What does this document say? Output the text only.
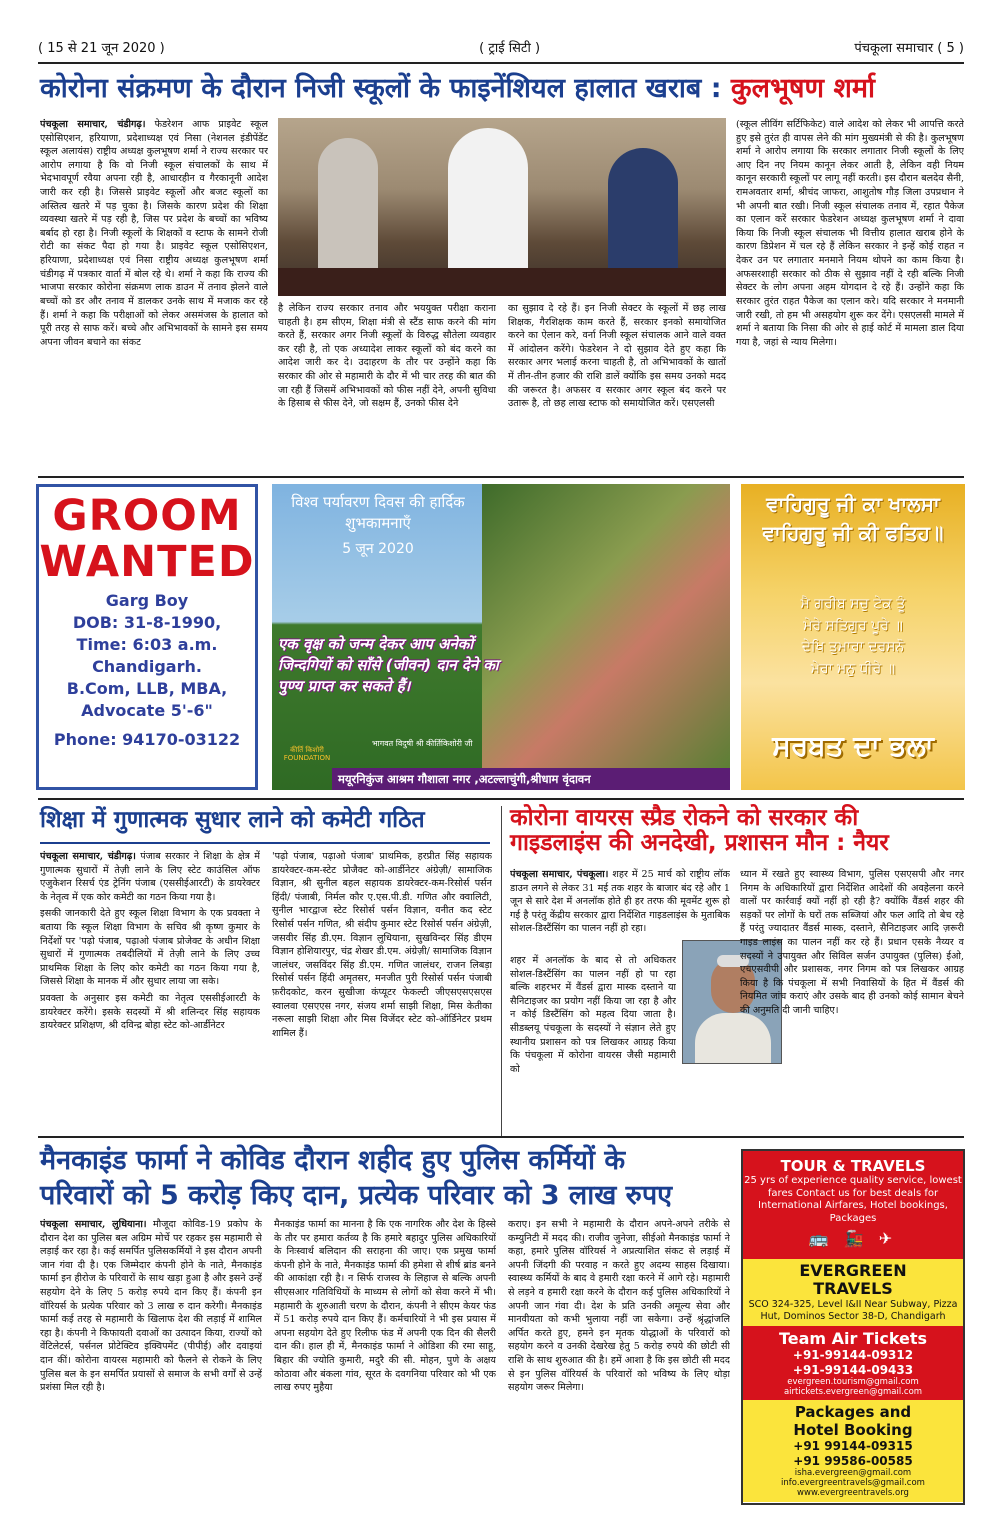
( 15 से 21 जून 2020 )	( ट्राई सिटी )	पंचकूला समाचार ( 5 )
कोरोना संक्रमण के दौरान निजी स्कूलों के फाइनेंशियल हालात खराब : कुलभूषण शर्मा

पंचकूला समाचार, चंडीगढ़। फेडरेशन आफ प्राइवेट स्कूल एसोसिएशन, हरियाणा, प्रदेशाध्यक्ष एवं निसा (नेशनल इंडीपेंडेंट स्कूल अलायंस) राष्ट्रीय अध्यक्ष कुलभूषण शर्मा ने राज्य सरकार पर आरोप लगाया है कि वो निजी स्कूल संचालकों के साथ में भेदभावपूर्ण रवैया अपना रही है, आधारहीन व गैरकानूनी आदेश जारी कर रही है। जिससे प्राइवेट स्कूलों और बजट स्कूलों का अस्तित्व खतरे में पड़ चुका है। जिसके कारण प्रदेश की शिक्षा व्यवस्था खतरे में पड़ रही है, जिस पर प्रदेश के बच्चों का भविष्य बर्बाद हो रहा है। निजी स्कूलों के शिक्षकों व स्टाफ के सामने रोजी रोटी का संकट पैदा हो गया है। प्राइवेट स्कूल एसोसिएशन, हरियाणा, प्रदेशाध्यक्ष एवं निसा राष्ट्रीय अध्यक्ष कुलभूषण शर्मा चंडीगढ़ में पत्रकार वार्ता में बोल रहे थे। शर्मा ने कहा कि राज्य की भाजपा सरकार कोरोना संक्रमण लाक डाउन में तनाव झेलने वाले बच्चों को डर और तनाव में डालकर उनके साथ में मजाक कर रहे हैं। शर्मा ने कहा कि परीक्षाओं को लेकर असमंजस के हालात को पूरी तरह से साफ करें। बच्चे और अभिभावकों के सामने इस समय अपना जीवन बचाने का संकट

है लेकिन राज्य सरकार तनाव और भययुक्त परीक्षा कराना चाहती है। हम सीएम, शिक्षा मंत्री से स्टैंड साफ करने की मांग करते हैं, सरकार अगर निजी स्कूलों के विरुद्ध सौतेला व्यवहार कर रही है, तो एक अध्यादेश लाकर स्कूलों को बंद करने का आदेश जारी कर दे। उदाहरण के तौर पर उन्होंने कहा कि सरकार की ओर से महामारी के दौर में भी चार तरह की बात की जा रही हैं जिसमें अभिभावकों को फीस नहीं देने, अपनी सुविधा के हिसाब से फीस देने, जो सक्षम हैं, उनको फीस देने

का सुझाव दे रहे हैं। इन निजी सेक्टर के स्कूलों में छह लाख शिक्षक, गैरशिक्षक काम करते हैं, सरकार इनको समायोजित करने का ऐलान करे, वर्ना निजी स्कूल संचालक आने वाले वक्त में आंदोलन करेंगे। फेडरेशन ने दो सुझाव देते हुए कहा कि सरकार अगर भलाई करना चाहती है, तो अभिभावकों के खातों में तीन-तीन हजार की राशि डालें क्योंकि इस समय उनको मदद की जरूरत है। अफसर व सरकार अगर स्कूल बंद करने पर उतारू है, तो छह लाख स्टाफ को समायोजित करें। एसएलसी

(स्कूल लीविंग सर्टिफिकेट) वाले आदेश को लेकर भी आपत्ति करते हुए इसे तुरंत ही वापस लेने की मांग मुख्यमंत्री से की है। कुलभूषण शर्मा ने आरोप लगाया कि सरकार लगातार निजी स्कूलों के लिए आए दिन नए नियम कानून लेकर आती है, लेकिन वही नियम कानून सरकारी स्कूलों पर लागू नहीं करती। इस दौरान बलदेव सैनी, रामअवतार शर्मा, श्रीचंद जाफरा, आशुतोष गौड़ जिला उपप्रधान ने भी अपनी बात रखी। निजी स्कूल संचालक तनाव में, रहात पैकेज का एलान करें सरकार फेडरेशन अध्यक्ष कुलभूषण शर्मा ने दावा किया कि निजी स्कूल संचालक भी वित्तीय हालात खराब होने के कारण डिप्रेशन में चल रहे हैं लेकिन सरकार ने इन्हें कोई राहत न देकर उन पर लगातार मनमाने नियम थोपने का काम किया है। अफसरशाही सरकार को ठीक से सुझाव नहीं दे रही बल्कि निजी सेक्टर के लोग अपना अहम योगदान दे रहे हैं। उन्होंने कहा कि सरकार तुरंत राहत पैकेज का एलान करे। यदि सरकार ने मनमानी जारी रखी, तो हम भी असहयोग शुरू कर देंगे। एसएलसी मामले में शर्मा ने बताया कि निसा की ओर से हाई कोर्ट में मामला डाल दिया गया है, जहां से न्याय मिलेगा।

GROOM
WANTED
Garg Boy
DOB: 31-8-1990,
Time: 6:03 a.m.
Chandigarh.
B.Com, LLB, MBA,
Advocate 5'-6"
Phone: 94170-03122
विश्व पर्यावरण दिवस की हार्दिक शुभकामनाएँ
5 जून 2020
एक वृक्ष को जन्म देकर आप अनेकों जिन्दगियों को साँसे (जीवन) दान देने का पुण्य प्राप्त कर सकते हैं।
भागवत विदुषी श्री कीर्तिकिशोरी जी
कीर्ति किशोरी FOUNDATION
मयूरनिकुंज आश्रम गौशाला नगर ,अटल्लाचुंगी,श्रीधाम वृंदावन
ਵਾਹਿਗੁਰੂ ਜੀ ਕਾ ਖਾਲਸਾ
ਵਾਹਿਗੁਰੂ ਜੀ ਕੀ ਫਤਿਹ॥
ਮੈ ਗਰੀਬ ਸਚੁ ਟੇਕ ਤੂੰ
ਮੇਰੇ ਸਤਿਗੁਰ ਪੂਰੇ ॥
ਦੇਖਿ ਤੁਮਾਰਾ ਦਰਸਨੋ
ਮੇਰਾ ਮਨੁ ਧੀਰੇ ॥
ਸਰਬਤ ਦਾ ਭਲਾ
शिक्षा में गुणात्मक सुधार लाने को कमेटी गठित

पंचकूला समाचार, चंडीगढ़। पंजाब सरकार ने शिक्षा के क्षेत्र में गुणात्मक सुधारों में तेज़ी लाने के लिए स्टेट काउंसिल ऑफ एजुकेशन रिसर्च एंड ट्रेनिंग पंजाब (एससीईआरटी) के डायरेक्टर के नेतृत्व में एक कोर कमेटी का गठन किया गया है।

इसकी जानकारी देते हुए स्कूल शिक्षा विभाग के एक प्रवक्ता ने बताया कि स्कूल शिक्षा विभाग के सचिव श्री कृष्ण कुमार के निर्देशों पर 'पढ़ो पंजाब, पढ़ाओ पंजाब प्रोजेक्ट के अधीन शिक्षा सुधारों में गुणात्मक तबदीलियों में तेज़ी लाने के लिए उच्च प्राथमिक शिक्षा के लिए कोर कमेटी का गठन किया गया है, जिससे शिक्षा के मानक में और सुधार लाया जा सके।

प्रवक्ता के अनुसार इस कमेटी का नेतृत्व एससीईआरटी के डायरेक्टर करेंगे। इसके सदस्यों में श्री शलिन्दर सिंह सहायक डायरेक्टर प्रशिक्षण, श्री दविन्द्र बोहा स्टेट को-आर्डीनेटर

'पढ़ो पंजाब, पढ़ाओ पंजाब' प्राथमिक, हरप्रीत सिंह सहायक डायरेक्टर-कम-स्टेट प्रोजैक्ट को-आर्डीनेटर अंग्रेज़ी/ सामाजिक विज्ञान, श्री सुनील बहल सहायक डायरेक्टर-कम-रिसोर्स पर्सन हिंदी/ पंजाबी, निर्मल कौर ए.एस.पी.डी. गणित और क्वालिटी, सुनील भारद्वाज स्टेट रिसोर्स पर्सन विज्ञान, वनीत कद स्टेट रिसोर्स पर्सन गणित, श्री संदीप कुमार स्टेट रिसोर्स पर्सन अंग्रेज़ी, जसवीर सिंह डी.एम. विज्ञान लुधियाना, सुखविन्दर सिंह डीएम विज्ञान होशियारपुर, चंद्र शेखर डी.एम. अंग्रेज़ी/ सामाजिक विज्ञान जालंधर, जसविंदर सिंह डी.एम. गणित जालंधर, राजन लिबड़ा रिसोर्स पर्सन हिंदी अमृतसर, मनजीत पुरी रिसोर्स पर्सन पंजाबी फ़रीदकोट, करन सुखीजा कंप्यूटर फेकल्टी जीएसएसएसएस स्वालवा एसएएस नगर, संजय शर्मा साझी शिक्षा, मिस केतीका नरूला साझी शिक्षा और मिस विजेंदर स्टेट को-ऑर्डिनेटर प्रथम शामिल हैं।

कोरोना वायरस स्प्रैड रोकने को सरकार की
गाइडलाइंस की अनदेखी, प्रशासन मौन : नैयर

पंचकूला समाचार, पंचकूला। शहर में 25 मार्च को राष्ट्रीय लॉक डाउन लगने से लेकर 31 मई तक शहर के बाजार बंद रहे और 1 जून से सारे देश में अनलॉक होते ही हर तरफ की मूवमेंट शुरू हो गई है परंतु केंद्रीय सरकार द्वारा निर्देशित गाइडलाइंस के मुताबिक सोशल-डिस्टैंसिंग का पालन नहीं हो रहा।

शहर में अनलॉक के बाद से तो अधिकतर सोशल-डिस्टैंसिंग का पालन नहीं हो पा रहा बल्कि शहरभर में वैंडर्स द्वारा मास्क दस्ताने या सैनिटाइजर का प्रयोग नहीं किया जा रहा है और न कोई डिस्टैंसिंग को महत्व दिया जाता है। सीडब्लयू पंचकूला के सदस्यों ने संज्ञान लेते हुए स्थानीय प्रशासन को पत्र लिखकर आग्रह किया कि पंचकूला में कोरोना वायरस जैसी महामारी को

ध्यान में रखते हुए स्वास्थ्य विभाग, पुलिस एसएसपी और नगर निगम के अधिकारियों द्वारा निर्देशित आदेशों की अवहेलना करने वालों पर कार्रवाई क्यों नहीं हो रही है? क्योंकि वैंडर्स शहर की सड़कों पर लोगों के घरों तक सब्जियां और फल आदि तो बेच रहे हैं परंतु ज्यादातर वैंडर्स मास्क, दस्ताने, सैनिटाइजर आदि ज़रूरी गाइड लाइंस का पालन नहीं कर रहे हैं। प्रधान एसके नैय्यर व सदस्यों ने उपायुक्त और सिविल सर्जन उपायुक्त (पुलिस) ईओ, एचएसवीपी और प्रशासक, नगर निगम को पत्र लिखकर आग्रह किया है कि पंचकूला में सभी निवासियों के हित में वैंडर्स की नियमित जांच कराएं और उसके बाद ही उनको कोई सामान बेचने की अनुमति दी जानी चाहिए।

मैनकाइंड फार्मा ने कोविड दौरान शहीद हुए पुलिस कर्मियों के
परिवारों को 5 करोड़ किए दान, प्रत्येक परिवार को 3 लाख रुपए

पंचकूला समाचार, लुधियाना। मौजूदा कोविड-19 प्रकोप के दौरान देश का पुलिस बल अग्रिम मोर्चे पर रहकर इस महामारी से लड़ाई कर रहा है। कई समर्पित पुलिसकर्मियों ने इस दौरान अपनी जान गंवा दी है। एक जिम्मेदार कंपनी होने के नाते, मैनकाइंड फार्मा इन हीरोज के परिवारों के साथ खड़ा हुआ है और इसने उन्हें सहयोग देने के लिए 5 करोड़ रुपये दान किए हैं। कंपनी इन वॉरियर्स के प्रत्येक परिवार को 3 लाख रु दान करेगी। मैनकाइंड फार्मा कई तरह से महामारी के खिलाफ देश की लड़ाई में शामिल रहा है। कंपनी ने किफायती दवाओं का उत्पादन किया, राज्यों को वेंटिलेटर्स, पर्सनल प्रोटेक्टिव इक्विपमेंट (पीपीई) और दवाइयां दान कीं। कोरोना वायरस महामारी को फैलने से रोकने के लिए पुलिस बल के इन समर्पित प्रयासों से समाज के सभी वर्गों से उन्हें प्रशंसा मिल रही है।

मैनकाइंड फार्मा का मानना है कि एक नागरिक और देश के हिस्से के तौर पर हमारा कर्तव्य है कि हमारे बहादुर पुलिस अधिकारियों के निःस्वार्थ बलिदान की सराहना की जाए। एक प्रमुख फार्मा कंपनी होने के नाते, मैनकाइंड फार्मा की हमेशा से शीर्ष ब्रांड बनने की आकांक्षा रही है। न सिर्फ राजस्व के लिहाज से बल्कि अपनी सीएसआर गतिविधियों के माध्यम से लोगों को सेवा करने में भी। महामारी के शुरुआती चरण के दौरान, कंपनी ने सीएम केयर फंड में 51 करोड़ रुपये दान किए हैं। कर्मचारियों ने भी इस प्रयास में अपना सहयोग देते हुए रिलीफ फंड में अपनी एक दिन की सैलरी दान की। हाल ही में, मैनकाइंड फार्मा ने ओडिशा की रमा साहू, बिहार की ज्योति कुमारी, मदुरै की सी. मोहन, पुणे के अक्षय कोठावा और बंकला गांव, सूरत के दवगनिया परिवार को भी एक लाख रुपए मुहैया

कराए। इन सभी ने महामारी के दौरान अपने-अपने तरीके से कम्युनिटी में मदद की। राजीव जुनेजा, सीईओ मैनकाइंड फार्मा ने कहा, हमारे पुलिस वॉरियर्स ने अप्रत्याशित संकट से लड़ाई में अपनी जिंदगी की परवाह न करते हुए अदम्य साहस दिखाया। स्वास्थ्य कर्मियों के बाद वे हमारी रक्षा करने में आगे रहे। महामारी से लड़ने व हमारी रक्षा करने के दौरान कई पुलिस अधिकारियों ने अपनी जान गंवा दी। देश के प्रति उनकी अमूल्य सेवा और मानवीयता को कभी भुलाया नहीं जा सकेगा। उन्हें श्रृंद्धांजलि अर्पित करते हुए, हमने इन मृतक योद्धाओं के परिवारों को सहयोग करने व उनकी देखरेख हेतु 5 करोड़ रुपये की छोटी सी राशि के साथ शुरुआत की है। हमें आशा है कि इस छोटी सी मदद से इन पुलिस वॉरियर्स के परिवारों को भविष्य के लिए थोड़ा सहयोग जरूर मिलेगा।

TOUR & TRAVELS
25 yrs of experience quality service, lowest fares Contact us for best deals for International Airfares, Hotel bookings, Packages
🚌 🚂 ✈
EVERGREEN
TRAVELS
SCO 324-325, Level I&II Near Subway, Pizza Hut, Dominos Sector 38-D, Chandigarh
Team Air Tickets
+91-99144-09312
+91-99144-09433
evergreen.tourism@gmail.com
airtickets.evergreen@gmail.com
Packages and
Hotel Booking
+91 99144-09315
+91 99586-00585
isha.evergreen@gmail.com
info.evergreentravels@gmail.com
www.evergreentravels.org
